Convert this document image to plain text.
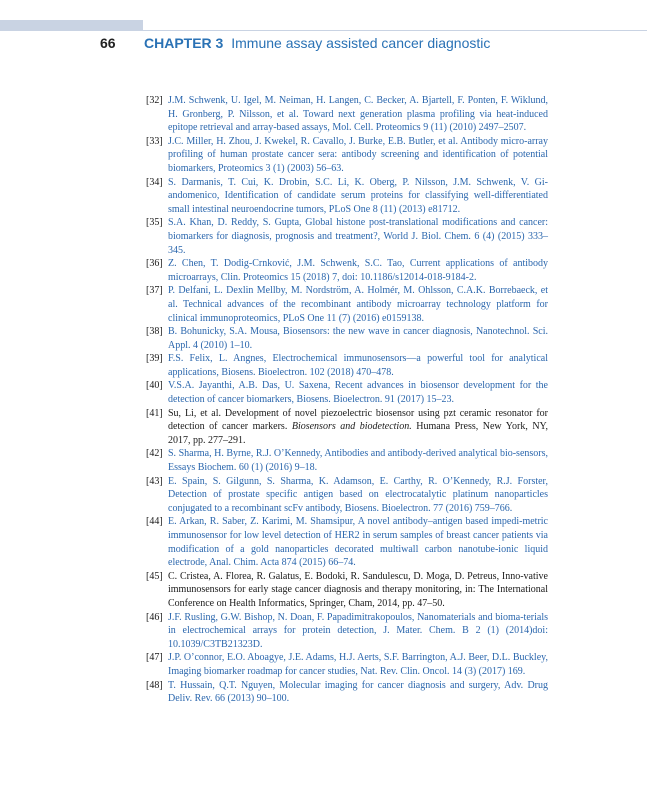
66 CHAPTER 3 Immune assay assisted cancer diagnostic
[32] J.M. Schwenk, U. Igel, M. Neiman, H. Langen, C. Becker, A. Bjartell, F. Ponten, F. Wiklund, H. Gronberg, P. Nilsson, et al. Toward next generation plasma profiling via heat-induced epitope retrieval and array-based assays, Mol. Cell. Proteomics 9 (11) (2010) 2497–2507.
[33] J.C. Miller, H. Zhou, J. Kwekel, R. Cavallo, J. Burke, E.B. Butler, et al. Antibody micro-array profiling of human prostate cancer sera: antibody screening and identification of potential biomarkers, Proteomics 3 (1) (2003) 56–63.
[34] S. Darmanis, T. Cui, K. Drobin, S.C. Li, K. Oberg, P. Nilsson, J.M. Schwenk, V. Gi-andomenico, Identification of candidate serum proteins for classifying well-differentiated small intestinal neuroendocrine tumors, PLoS One 8 (11) (2013) e81712.
[35] S.A. Khan, D. Reddy, S. Gupta, Global histone post-translational modifications and cancer: biomarkers for diagnosis, prognosis and treatment?, World J. Biol. Chem. 6 (4) (2015) 333–345.
[36] Z. Chen, T. Dodig-Crnković, J.M. Schwenk, S.C. Tao, Current applications of antibody microarrays, Clin. Proteomics 15 (2018) 7, doi: 10.1186/s12014-018-9184-2.
[37] P. Delfani, L. Dexlin Mellby, M. Nordström, A. Holmér, M. Ohlsson, C.A.K. Borrebaeck, et al. Technical advances of the recombinant antibody microarray technology platform for clinical immunoproteomics, PLoS One 11 (7) (2016) e0159138.
[38] B. Bohunicky, S.A. Mousa, Biosensors: the new wave in cancer diagnosis, Nanotechnol. Sci. Appl. 4 (2010) 1–10.
[39] F.S. Felix, L. Angnes, Electrochemical immunosensors—a powerful tool for analytical applications, Biosens. Bioelectron. 102 (2018) 470–478.
[40] V.S.A. Jayanthi, A.B. Das, U. Saxena, Recent advances in biosensor development for the detection of cancer biomarkers, Biosens. Bioelectron. 91 (2017) 15–23.
[41] Su, Li, et al. Development of novel piezoelectric biosensor using pzt ceramic resonator for detection of cancer markers. Biosensors and biodetection. Humana Press, New York, NY, 2017, pp. 277–291.
[42] S. Sharma, H. Byrne, R.J. O’Kennedy, Antibodies and antibody-derived analytical bio-sensors, Essays Biochem. 60 (1) (2016) 9–18.
[43] E. Spain, S. Gilgunn, S. Sharma, K. Adamson, E. Carthy, R. O’Kennedy, R.J. Forster, Detection of prostate specific antigen based on electrocatalytic platinum nanoparticles conjugated to a recombinant scFv antibody, Biosens. Bioelectron. 77 (2016) 759–766.
[44] E. Arkan, R. Saber, Z. Karimi, M. Shamsipur, A novel antibody–antigen based impedi-metric immunosensor for low level detection of HER2 in serum samples of breast cancer patients via modification of a gold nanoparticles decorated multiwall carbon nanotube-ionic liquid electrode, Anal. Chim. Acta 874 (2015) 66–74.
[45] C. Cristea, A. Florea, R. Galatus, E. Bodoki, R. Sandulescu, D. Moga, D. Petreus, Inno-vative immunosensors for early stage cancer diagnosis and therapy monitoring, in: The International Conference on Health Informatics, Springer, Cham, 2014, pp. 47–50.
[46] J.F. Rusling, G.W. Bishop, N. Doan, F. Papadimitrakopoulos, Nanomaterials and bioma-terials in electrochemical arrays for protein detection, J. Mater. Chem. B 2 (1) (2014)doi: 10.1039/C3TB21323D.
[47] J.P. O’connor, E.O. Aboagye, J.E. Adams, H.J. Aerts, S.F. Barrington, A.J. Beer, D.L. Buckley, Imaging biomarker roadmap for cancer studies, Nat. Rev. Clin. Oncol. 14 (3) (2017) 169.
[48] T. Hussain, Q.T. Nguyen, Molecular imaging for cancer diagnosis and surgery, Adv. Drug Deliv. Rev. 66 (2013) 90–100.
